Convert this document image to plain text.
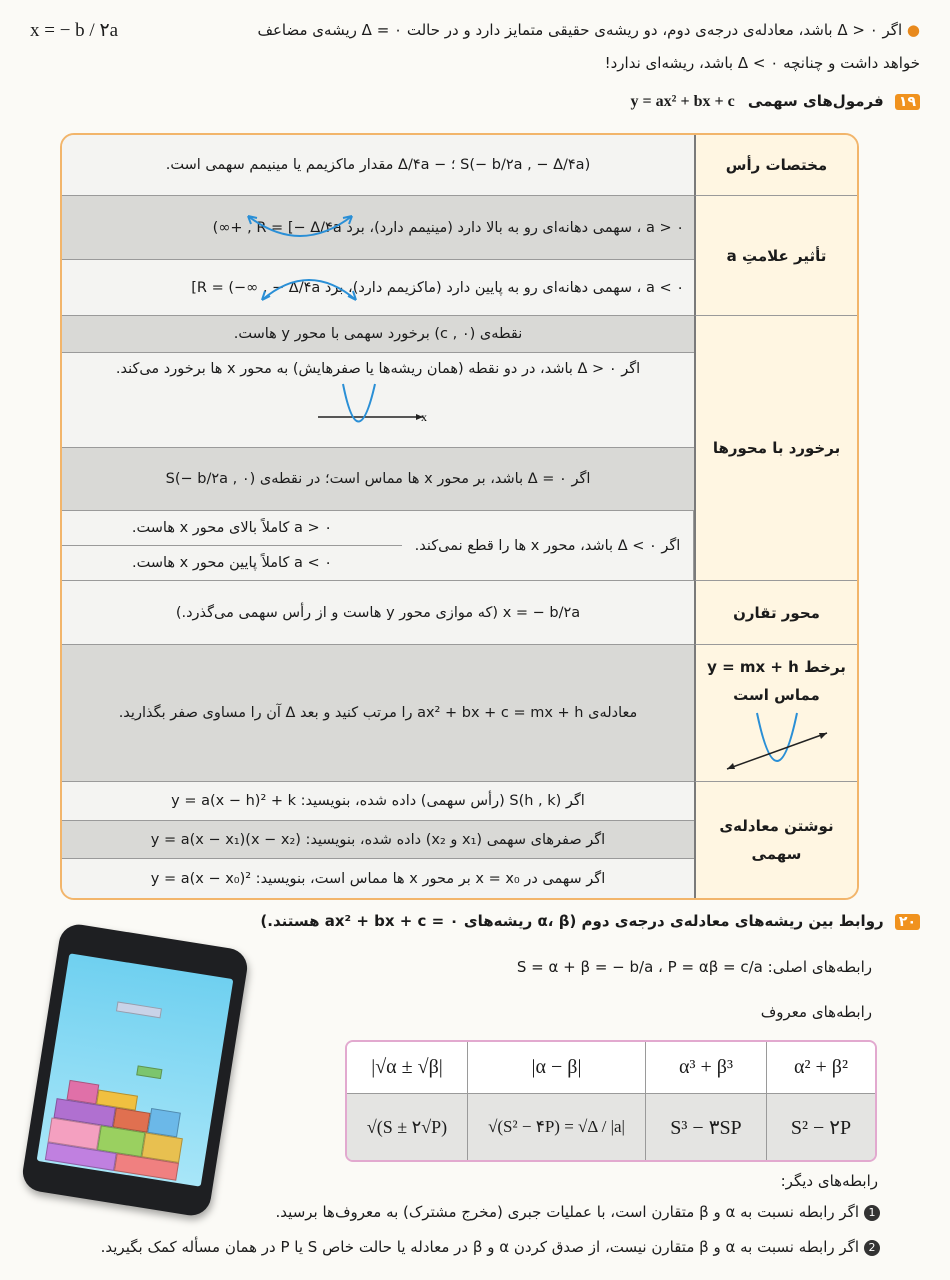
● اگر ۰ < Δ باشد، معادله‌ی درجه‌ی دوم، دو ریشه‌ی حقیقی متمایز دارد و در حالت ۰ = Δ ریشه‌ی مضاعف
x = − b / ۲a
خواهد داشت و چنانچه ۰ > Δ باشد، ریشه‌ای ندارد!
۱۹ فرمول‌های سهمی y = ax² + bx + c
مختصات رأس
S(− b/۲a , − Δ/۴a) ؛ − Δ/۴a مقدار ماکزیمم یا مینیمم سهمی است.
تأثیر علامتِ a
a > ۰ ، سهمی دهانه‌ای رو به بالا دارد (مینیمم دارد)، برد R = [− Δ/۴a , +∞)
a < ۰ ، سهمی دهانه‌ای رو به پایین دارد (ماکزیمم دارد)، برد R = (−∞ , − Δ/۴a]
برخورد با محورها
نقطه‌ی (۰ , c) برخورد سهمی با محور y هاست.
اگر ۰ < Δ باشد، در دو نقطه (همان ریشه‌ها یا صفرهایش) به محور x ها برخورد می‌کند.
x
اگر ۰ = Δ باشد، بر محور x ها مماس است؛ در نقطه‌ی S(− b/۲a , ۰)
اگر ۰ > Δ باشد، محور x ها را قطع نمی‌کند.
a > ۰ کاملاً بالای محور x هاست.
a < ۰ کاملاً پایین محور x هاست.
محور تقارن
x = − b/۲a (که موازی محور y هاست و از رأس سهمی می‌گذرد.)
برخط y = mx + h
مماس است
معادله‌ی ax² + bx + c = mx + h را مرتب کنید و بعد Δ آن را مساوی صفر بگذارید.
نوشتن معادله‌ی سهمی
اگر S(h , k) (رأس سهمی) داده شده، بنویسید: y = a(x − h)² + k
اگر صفرهای سهمی (x₁ و x₂) داده شده، بنویسید: y = a(x − x₁)(x − x₂)
اگر سهمی در x = x₀ بر محور x ها مماس است، بنویسید: y = a(x − x₀)²
۲۰ روابط بین ریشه‌های معادله‌ی درجه‌ی دوم (α، β ریشه‌های ax² + bx + c = ۰ هستند.)
رابطه‌های اصلی: S = α + β = − b/a ، P = αβ = c/a
رابطه‌های معروف
α² + β²
α³ + β³
|α − β|
|√α ± √β|
S² − ۲P
S³ − ۳SP
√(S² − ۴P) = √Δ / |a|
√(S ± ۲√P)
رابطه‌های دیگر:
1اگر رابطه نسبت به α و β متقارن است، با عملیات جبری (مخرج مشترک) به معروف‌ها برسید.
2اگر رابطه نسبت به α و β متقارن نیست، از صدق کردن α و β در معادله یا حالت خاص S یا P در همان مسأله کمک بگیرید.
